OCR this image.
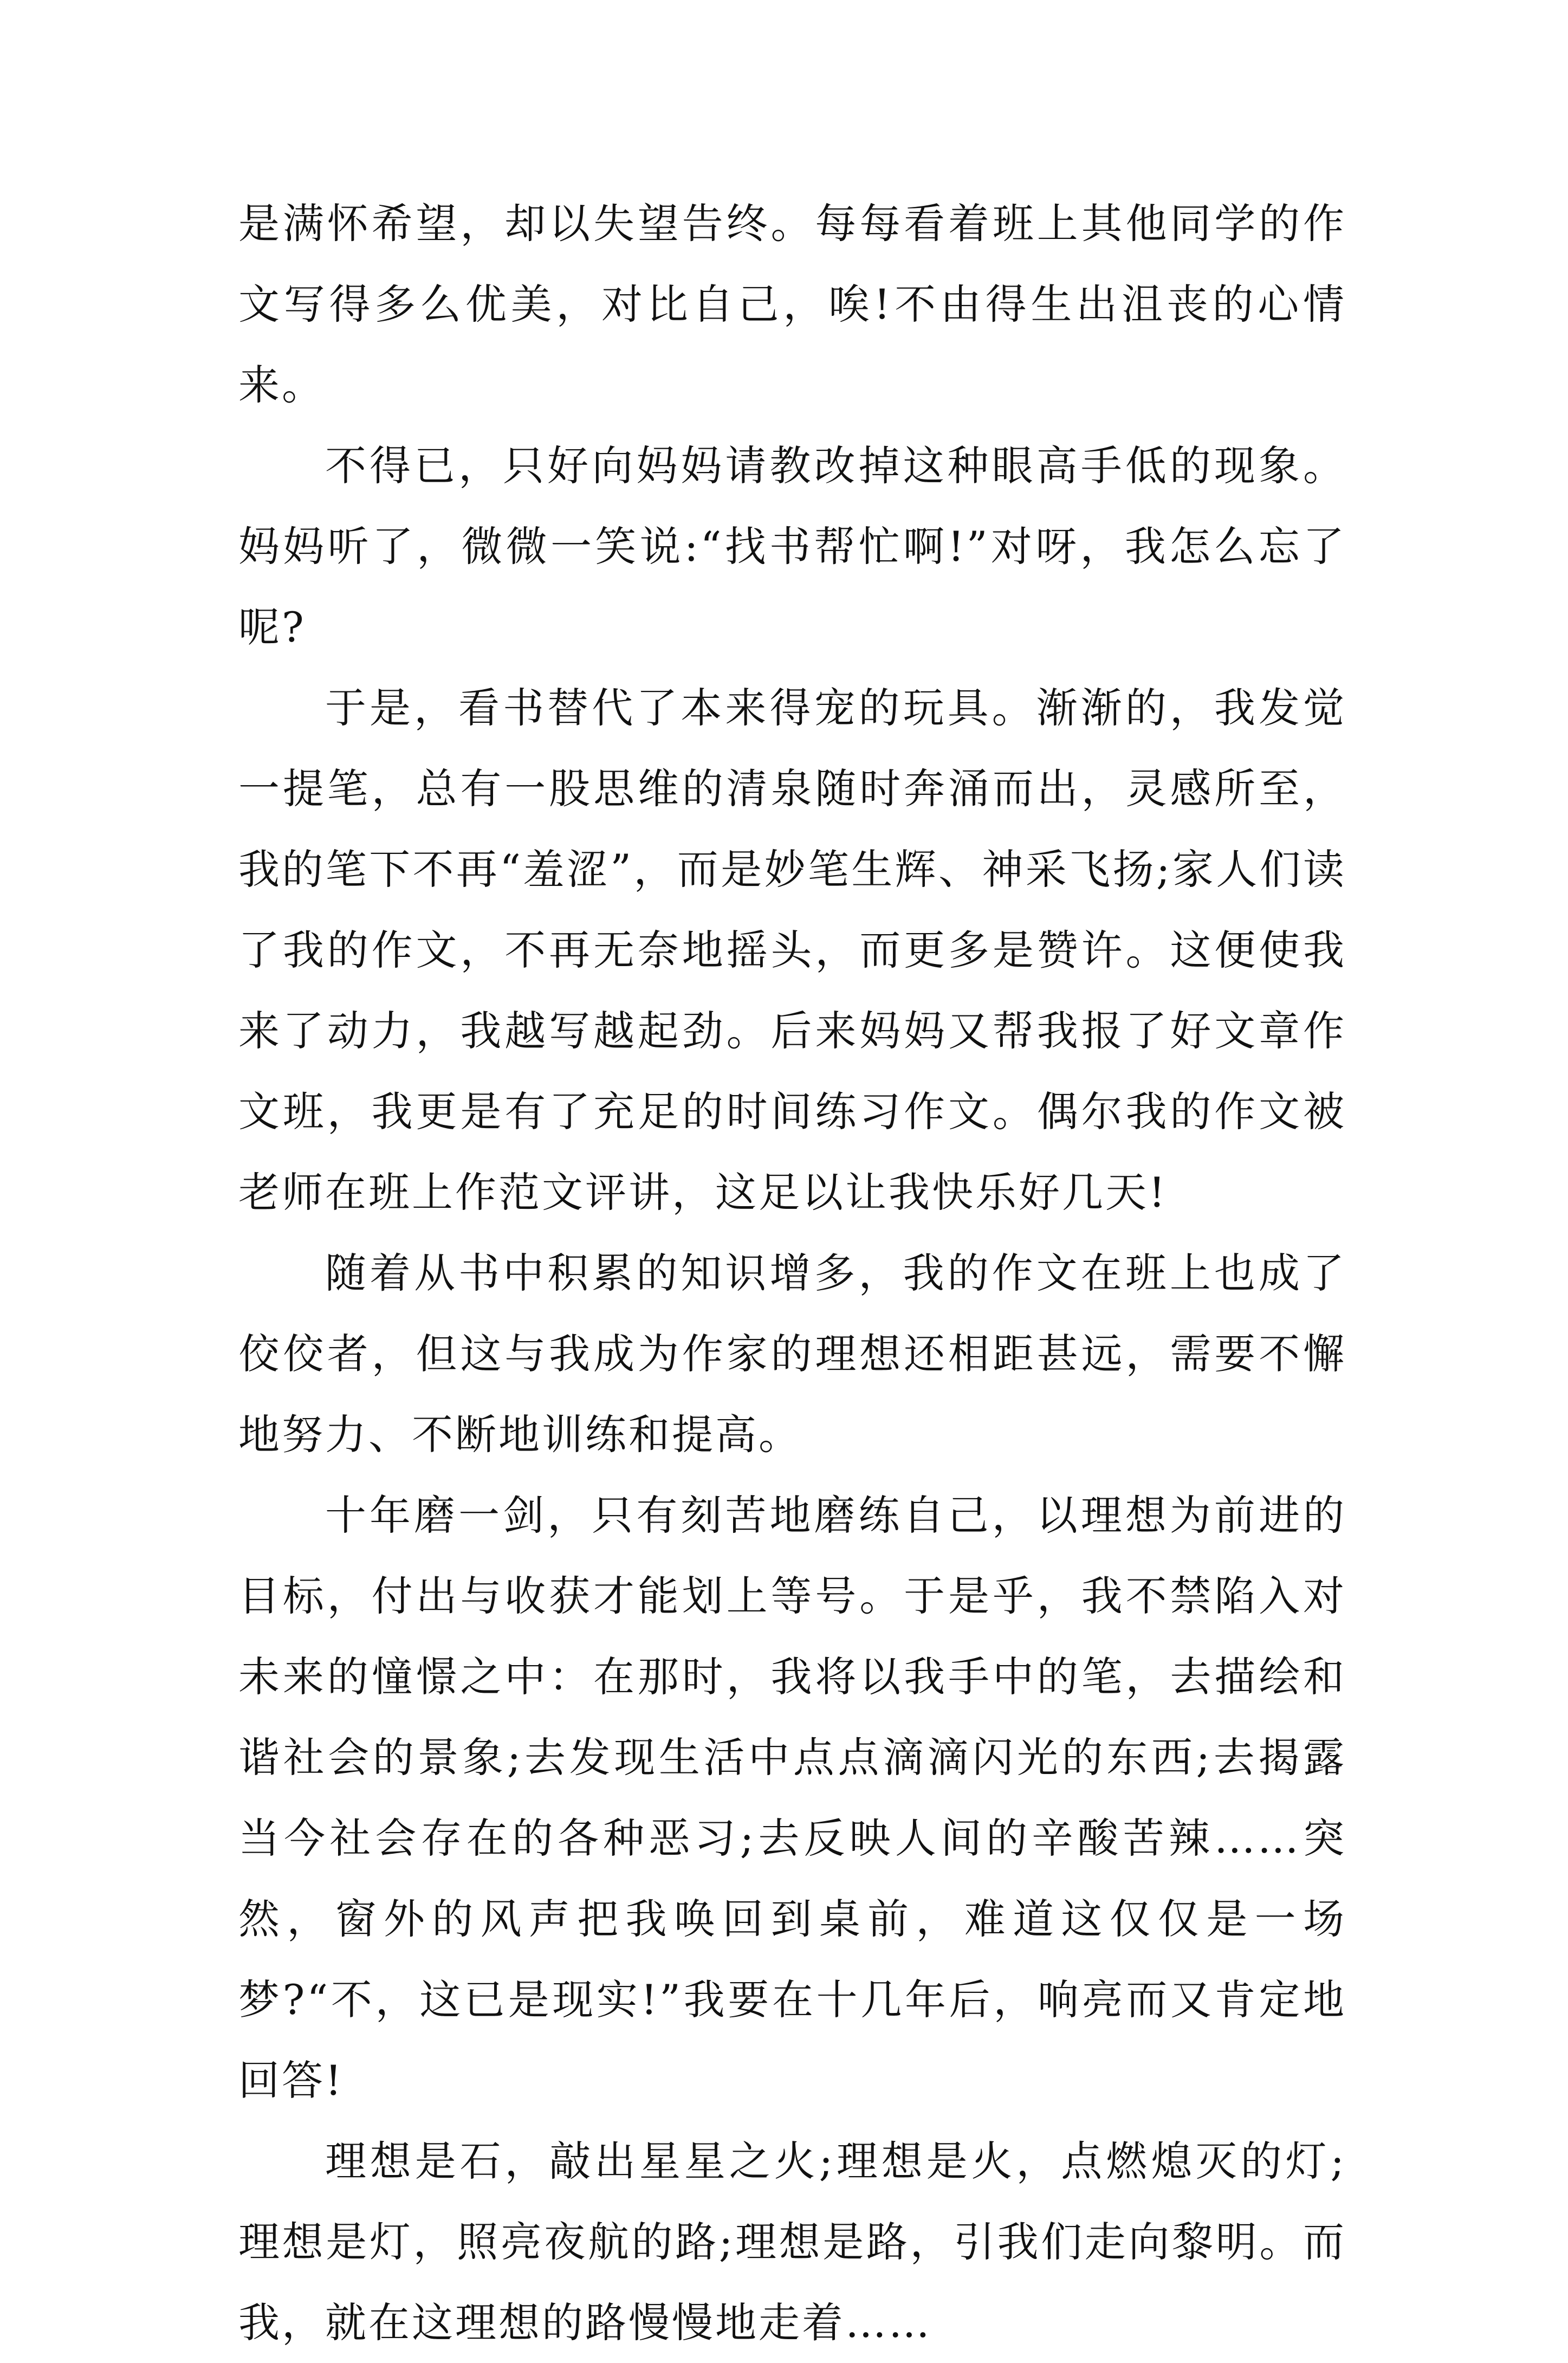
是满怀希望，却以失望告终。每每看着班上其他同学的作文写得多么优美，对比自己，唉!不由得生出沮丧的心情来。

不得已，只好向妈妈请教改掉这种眼高手低的现象。妈妈听了，微微一笑说:“找书帮忙啊!”对呀，我怎么忘了呢?

于是，看书替代了本来得宠的玩具。渐渐的，我发觉一提笔，总有一股思维的清泉随时奔涌而出，灵感所至，我的笔下不再“羞涩”，而是妙笔生辉、神采飞扬;家人们读了我的作文，不再无奈地摇头，而更多是赞许。这便使我来了动力，我越写越起劲。后来妈妈又帮我报了好文章作文班，我更是有了充足的时间练习作文。偶尔我的作文被老师在班上作范文评讲，这足以让我快乐好几天!

随着从书中积累的知识增多，我的作文在班上也成了佼佼者，但这与我成为作家的理想还相距甚远，需要不懈地努力、不断地训练和提高。

十年磨一剑，只有刻苦地磨练自己，以理想为前进的目标，付出与收获才能划上等号。于是乎，我不禁陷入对未来的憧憬之中：在那时，我将以我手中的笔，去描绘和谐社会的景象;去发现生活中点点滴滴闪光的东西;去揭露当今社会存在的各种恶习;去反映人间的辛酸苦辣……突然，窗外的风声把我唤回到桌前，难道这仅仅是一场梦?“不，这已是现实!”我要在十几年后，响亮而又肯定地回答!

理想是石，敲出星星之火;理想是火，点燃熄灭的灯;理想是灯，照亮夜航的路;理想是路，引我们走向黎明。而我，就在这理想的路慢慢地走着……
